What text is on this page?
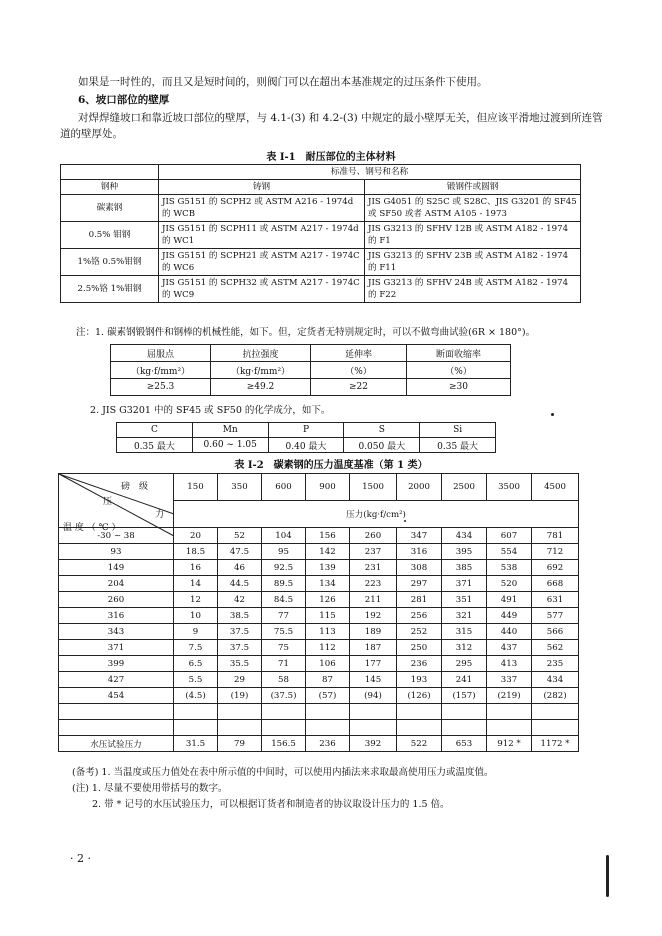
如果是一时性的，而且又是短时间的，则阀门可以在超出本基准规定的过压条件下使用。
6、坡口部位的壁厚
对焊焊缝坡口和靠近坡口部位的壁厚，与 4.1-(3) 和 4.2-(3) 中规定的最小壁厚无关，但应该平滑地过渡到所连管道的壁厚处。
表 I-1　耐压部位的主体材料
	标准号、钢号和名称	
钢种	铸钢	锻钢件或圆钢
碳素钢	JIS G5151 的 SCPH2 或 ASTM A216 - 1974d 的 WCB	JIS G4051 的 S25C 或 S28C、JIS G3201 的 SF45 或 SF50 或者 ASTM A105 - 1973
0.5% 钼钢	JIS G5151 的 SCPH11 或 ASTM A217 - 1974d 的 WC1	JIS G3213 的 SFHV 12B 或 ASTM A182 - 1974 的 F1
1%铬 0.5%钼钢	JIS G5151 的 SCPH21 或 ASTM A217 - 1974C 的 WC6	JIS G3213 的 SFHV 23B 或 ASTM A182 - 1974 的 F11
2.5%铬 1%钼钢	JIS G5151 的 SCPH32 或 ASTM A217 - 1974C 的 WC9	JIS G3213 的 SFHV 24B 或 ASTM A182 - 1974 的 F22
注：1. 碳素钢锻钢件和钢棒的机械性能，如下。但，定货者无特别规定时，可以不做弯曲试验(6R × 180°)。
屈服点	抗拉强度	延伸率	断面收缩率
（kg·f/mm²）	（kg·f/mm²）	（%）	（%）
≥25.3	≥49.2	≥22	≥30
2. JIS G3201 中的 SF45 或 SF50 的化学成分，如下。
C	Mn	P	S	Si
0.35 最大	0.60 ~ 1.05	0.40 最大	0.050 最大	0.35 最大
表 I-2　碳素钢的压力温度基准（第 1 类）
磅　级
压
力
温 度 （ ℃ ）	150	350	600	900	1500	2000	2500	3500	4500
	压力(kg·f/cm²)								
-30 ~ 38	20	52	104	156	260	347	434	607	781
93	18.5	47.5	95	142	237	316	395	554	712
149	16	46	92.5	139	231	308	385	538	692
204	14	44.5	89.5	134	223	297	371	520	668
260	12	42	84.5	126	211	281	351	491	631
316	10	38.5	77	115	192	256	321	449	577
343	9	37.5	75.5	113	189	252	315	440	566
371	7.5	37.5	75	112	187	250	312	437	562
399	6.5	35.5	71	106	177	236	295	413	235
427	5.5	29	58	87	145	193	241	337	434
454	(4.5)	(19)	(37.5)	(57)	(94)	(126)	(157)	(219)	(282)

水压试验压力	31.5	79	156.5	236	392	522	653	912 *	1172 *
(备考) 1. 当温度或压力值处在表中所示值的中间时，可以使用内插法来求取最高使用压力或温度值。
(注) 1. 尽量不要使用带括号的数字。
2. 带 * 记号的水压试验压力，可以根据订货者和制造者的协议取设计压力的 1.5 倍。
· 2 ·
